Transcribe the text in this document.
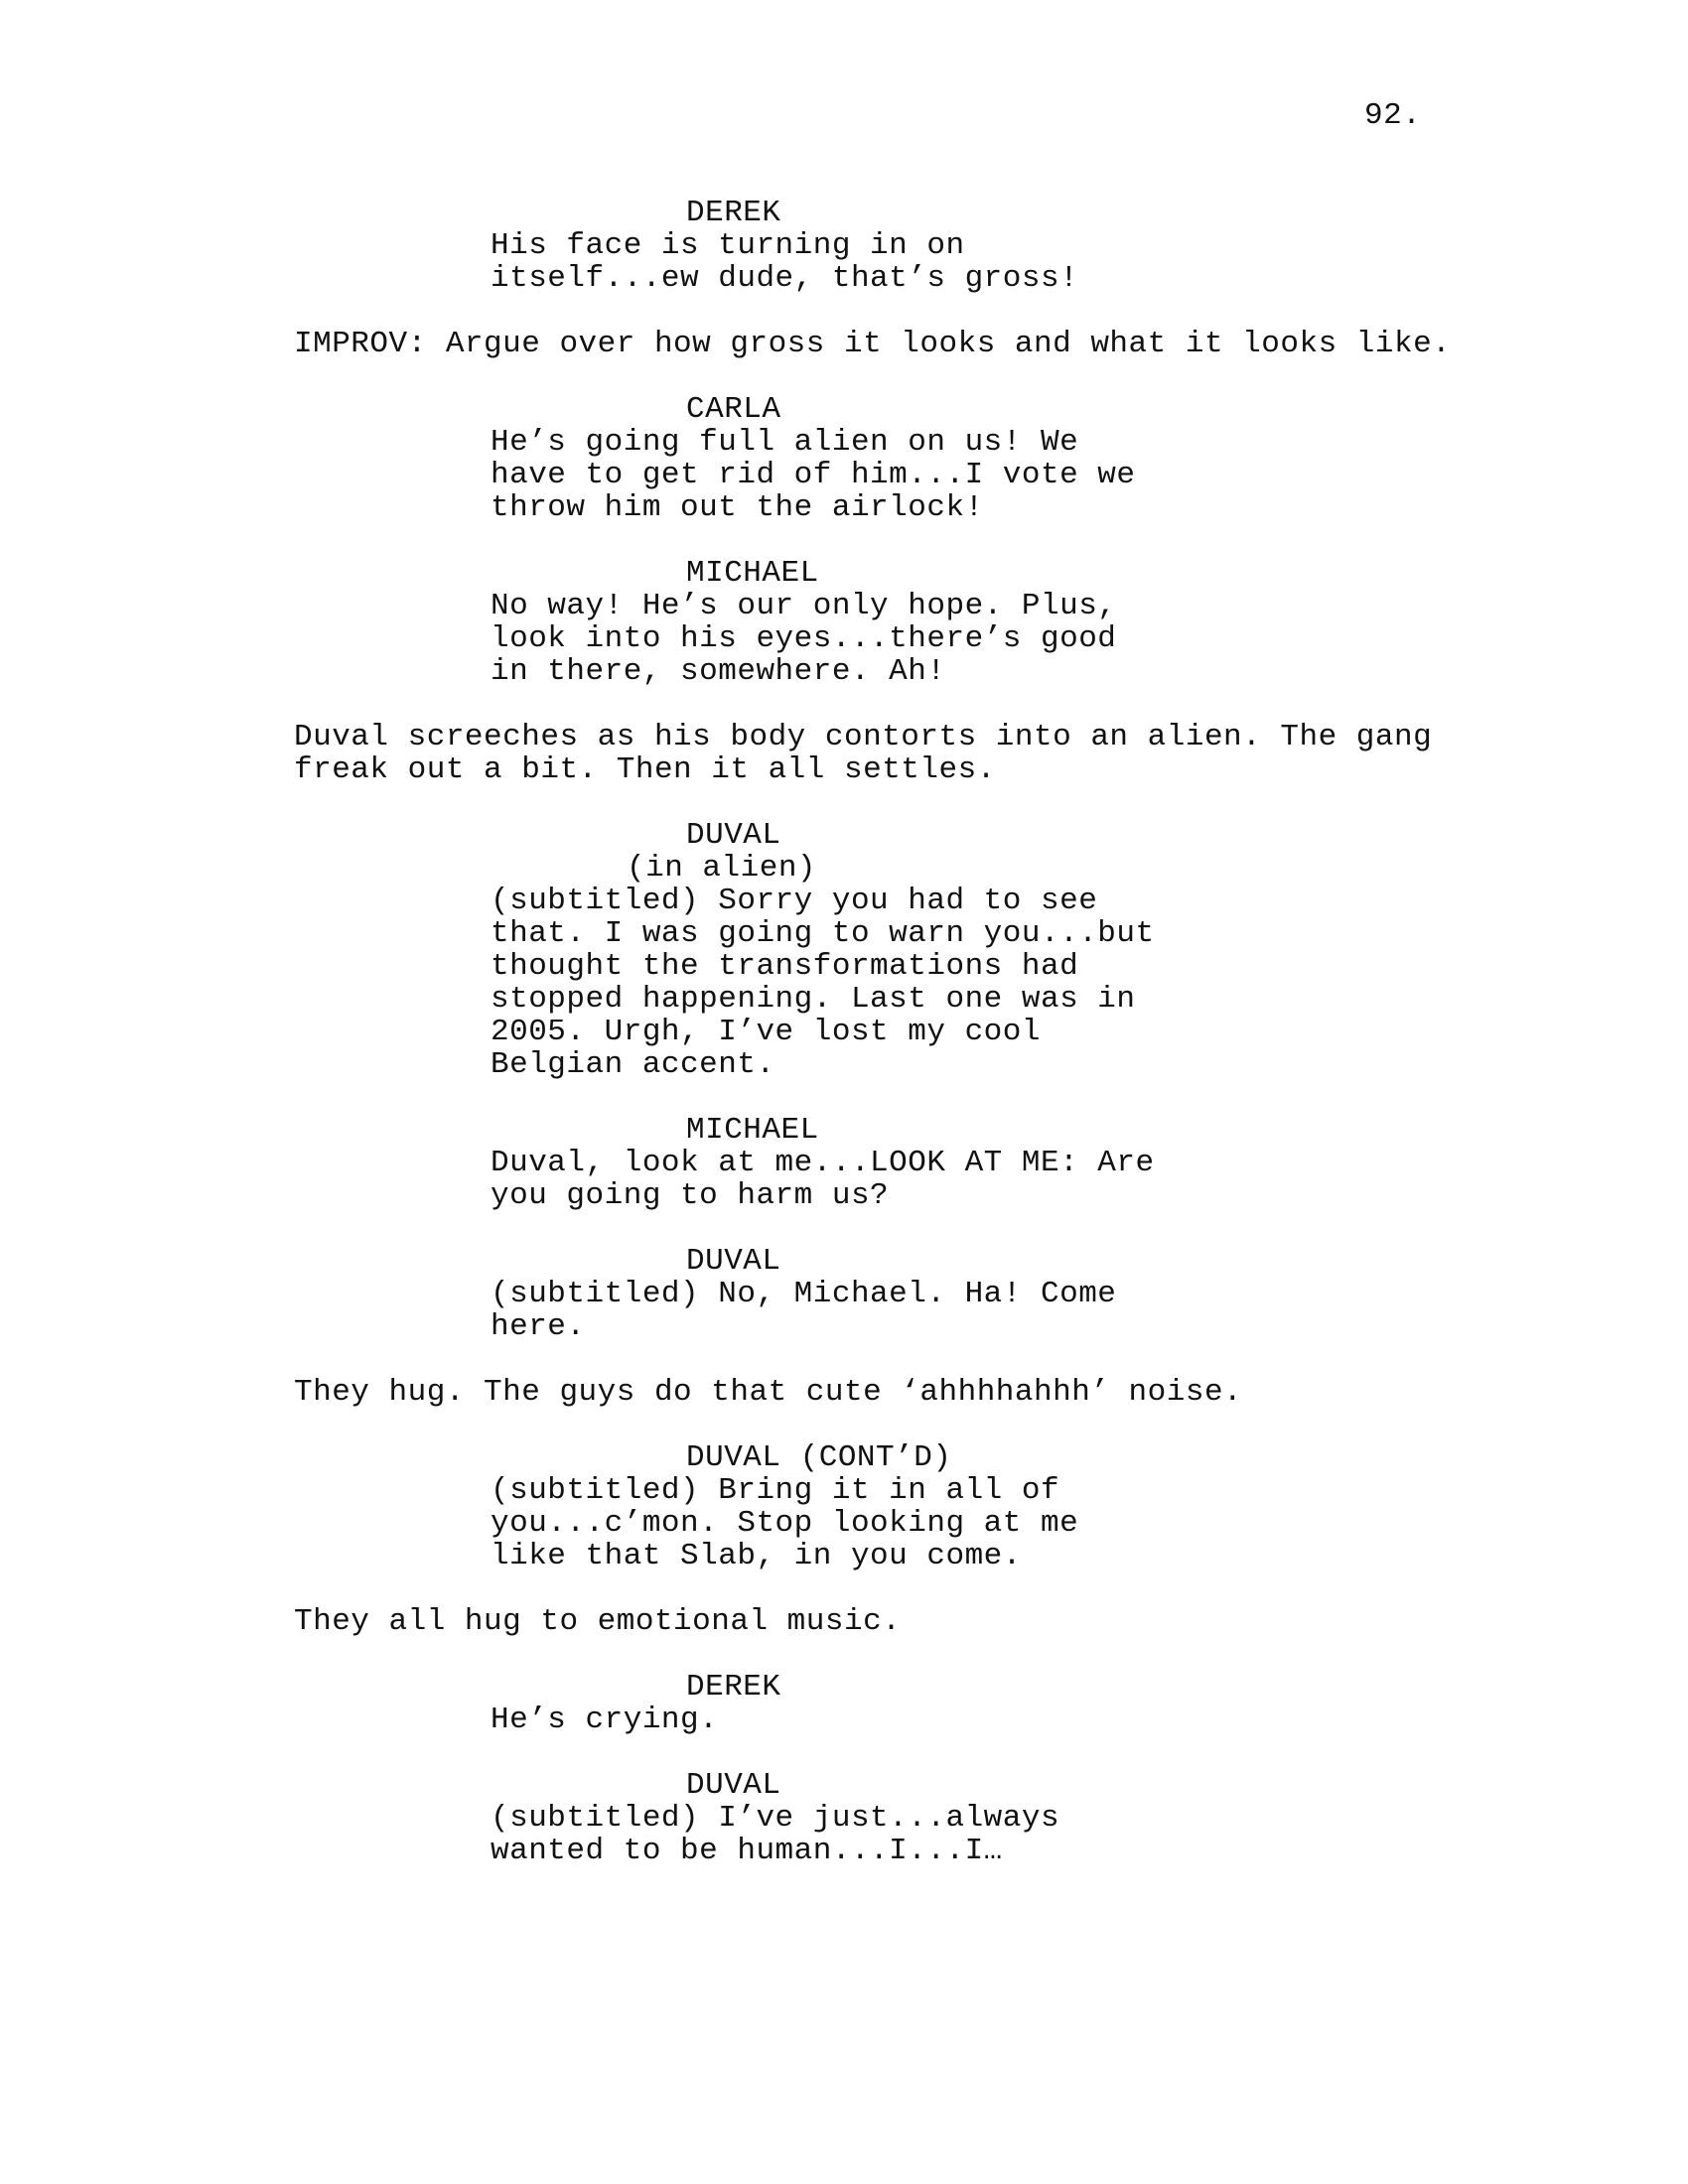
92.
DEREK
His face is turning in on
itself...ew dude, that’s gross!
IMPROV: Argue over how gross it looks and what it looks like.
CARLA
He’s going full alien on us! We
have to get rid of him...I vote we
throw him out the airlock!
MICHAEL
No way! He’s our only hope. Plus,
look into his eyes...there’s good
in there, somewhere. Ah!
Duval screeches as his body contorts into an alien. The gang
freak out a bit. Then it all settles.
DUVAL
(in alien)
(subtitled) Sorry you had to see
that. I was going to warn you...but
thought the transformations had
stopped happening. Last one was in
2005. Urgh, I’ve lost my cool
Belgian accent.
MICHAEL
Duval, look at me...LOOK AT ME: Are
you going to harm us?
DUVAL
(subtitled) No, Michael. Ha! Come
here.
They hug. The guys do that cute ‘ahhhhahhh’ noise.
DUVAL (CONT’D)
(subtitled) Bring it in all of
you...c’mon. Stop looking at me
like that Slab, in you come.
They all hug to emotional music.
DEREK
He’s crying.
DUVAL
(subtitled) I’ve just...always
wanted to be human...I...I…
